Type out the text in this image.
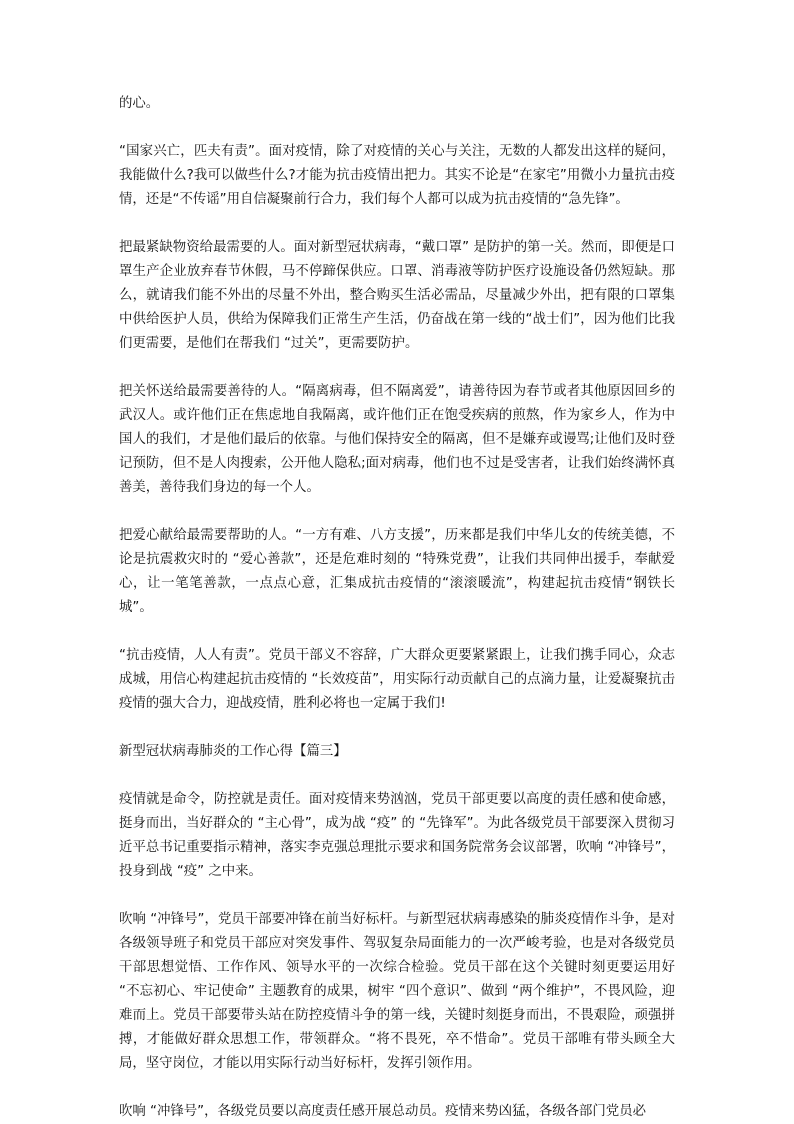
的心。

“国家兴亡，匹夫有责”。面对疫情，除了对疫情的关心与关注，无数的人都发出这样的疑问，我能做什么?我可以做些什么?才能为抗击疫情出把力。其实不论是“在家宅”用微小力量抗击疫情，还是“不传谣”用自信凝聚前行合力，我们每个人都可以成为抗击疫情的“急先锋”。

把最紧缺物资给最需要的人。面对新型冠状病毒，“戴口罩” 是防护的第一关。然而，即便是口罩生产企业放弃春节休假，马不停蹄保供应。口罩、消毒液等防护医疗设施设备仍然短缺。那么，就请我们能不外出的尽量不外出，整合购买生活必需品，尽量减少外出，把有限的口罩集中供给医护人员，供给为保障我们正常生产生活，仍奋战在第一线的“战士们”，因为他们比我们更需要，是他们在帮我们 “过关”，更需要防护。

把关怀送给最需要善待的人。“隔离病毒，但不隔离爱”，请善待因为春节或者其他原因回乡的武汉人。或许他们正在焦虑地自我隔离，或许他们正在饱受疾病的煎熬，作为家乡人，作为中国人的我们，才是他们最后的依靠。与他们保持安全的隔离，但不是嫌弃或谩骂;让他们及时登记预防，但不是人肉搜索，公开他人隐私;面对病毒，他们也不过是受害者，让我们始终满怀真善美，善待我们身边的每一个人。

把爱心献给最需要帮助的人。“一方有难、八方支援”，历来都是我们中华儿女的传统美德，不论是抗震救灾时的 “爱心善款”，还是危难时刻的 “特殊党费”，让我们共同伸出援手，奉献爱心，让一笔笔善款，一点点心意，汇集成抗击疫情的“滚滚暖流”，构建起抗击疫情“钢铁长城”。

“抗击疫情，人人有责”。党员干部义不容辞，广大群众更要紧紧跟上，让我们携手同心，众志成城，用信心构建起抗击疫情的 “长效疫苗”，用实际行动贡献自己的点滴力量，让爱凝聚抗击疫情的强大合力，迎战疫情，胜利必将也一定属于我们!

新型冠状病毒肺炎的工作心得【篇三】

疫情就是命令，防控就是责任。面对疫情来势汹汹，党员干部更要以高度的责任感和使命感，挺身而出，当好群众的 “主心骨”，成为战 “疫” 的 “先锋军”。为此各级党员干部要深入贯彻习近平总书记重要指示精神，落实李克强总理批示要求和国务院常务会议部署，吹响 “冲锋号”，投身到战 “疫” 之中来。

吹响 “冲锋号”，党员干部要冲锋在前当好标杆。与新型冠状病毒感染的肺炎疫情作斗争，是对各级领导班子和党员干部应对突发事件、驾驭复杂局面能力的一次严峻考验，也是对各级党员干部思想觉悟、工作作风、领导水平的一次综合检验。党员干部在这个关键时刻更要运用好 “不忘初心、牢记使命” 主题教育的成果，树牢 “四个意识”、做到 “两个维护”，不畏风险，迎难而上。党员干部要带头站在防控疫情斗争的第一线，关键时刻挺身而出，不畏艰险，顽强拼搏，才能做好群众思想工作，带领群众。“将不畏死，卒不惜命”。党员干部唯有带头顾全大局，坚守岗位，才能以用实际行动当好标杆，发挥引领作用。

吹响 “冲锋号”，各级党员要以高度责任感开展总动员。疫情来势凶猛，各级各部门党员必
